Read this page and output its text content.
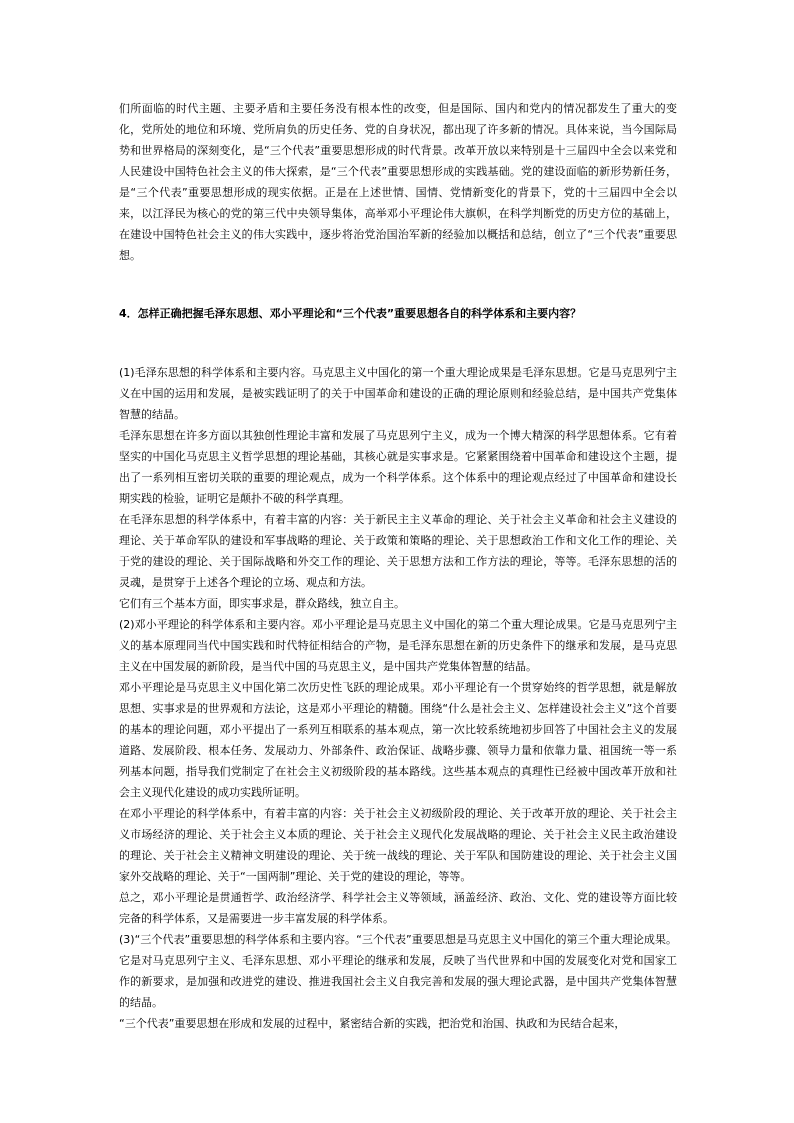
们所面临的时代主题、主要矛盾和主要任务没有根本性的改变，但是国际、国内和党内的情况都发生了重大的变化，党所处的地位和环境、党所肩负的历史任务、党的自身状况，都出现了许多新的情况。具体来说，当今国际局势和世界格局的深刻变化，是“三个代表”重要思想形成的时代背景。改革开放以来特别是十三届四中全会以来党和人民建设中国特色社会主义的伟大探索，是“三个代表”重要思想形成的实践基础。党的建设面临的新形势新任务，是“三个代表”重要思想形成的现实依据。正是在上述世情、国情、党情新变化的背景下，党的十三届四中全会以来，以江泽民为核心的党的第三代中央领导集体，高举邓小平理论伟大旗帜，在科学判断党的历史方位的基础上，在建设中国特色社会主义的伟大实践中，逐步将治党治国治军新的经验加以概括和总结，创立了“三个代表”重要思想。

4．怎样正确把握毛泽东思想、邓小平理论和“三个代表”重要思想各自的科学体系和主要内容？

(1)毛泽东思想的科学体系和主要内容。马克思主义中国化的第一个重大理论成果是毛泽东思想。它是马克思列宁主义在中国的运用和发展，是被实践证明了的关于中国革命和建设的正确的理论原则和经验总结，是中国共产党集体智慧的结晶。

毛泽东思想在许多方面以其独创性理论丰富和发展了马克思列宁主义，成为一个博大精深的科学思想体系。它有着坚实的中国化马克思主义哲学思想的理论基础，其核心就是实事求是。它紧紧围绕着中国革命和建设这个主题，提出了一系列相互密切关联的重要的理论观点，成为一个科学体系。这个体系中的理论观点经过了中国革命和建设长期实践的检验，证明它是颠扑不破的科学真理。

在毛泽东思想的科学体系中，有着丰富的内容：关于新民主主义革命的理论、关于社会主义革命和社会主义建设的理论、关于革命军队的建设和军事战略的理论、关于政策和策略的理论、关于思想政治工作和文化工作的理论、关于党的建设的理论、关于国际战略和外交工作的理论、关于思想方法和工作方法的理论，等等。毛泽东思想的活的灵魂，是贯穿于上述各个理论的立场、观点和方法。

它们有三个基本方面，即实事求是，群众路线，独立自主。

(2)邓小平理论的科学体系和主要内容。邓小平理论是马克思主义中国化的第二个重大理论成果。它是马克思列宁主义的基本原理同当代中国实践和时代特征相结合的产物，是毛泽东思想在新的历史条件下的继承和发展，是马克思主义在中国发展的新阶段，是当代中国的马克思主义，是中国共产党集体智慧的结晶。

邓小平理论是马克思主义中国化第二次历史性飞跃的理论成果。邓小平理论有一个贯穿始终的哲学思想，就是解放思想、实事求是的世界观和方法论，这是邓小平理论的精髓。围绕“什么是社会主义、怎样建设社会主义”这个首要的基本的理论问题，邓小平提出了一系列互相联系的基本观点，第一次比较系统地初步回答了中国社会主义的发展道路、发展阶段、根本任务、发展动力、外部条件、政治保证、战略步骤、领导力量和依靠力量、祖国统一等一系列基本问题，指导我们党制定了在社会主义初级阶段的基本路线。这些基本观点的真理性已经被中国改革开放和社会主义现代化建设的成功实践所证明。

在邓小平理论的科学体系中，有着丰富的内容：关于社会主义初级阶段的理论、关于改革开放的理论、关于社会主义市场经济的理论、关于社会主义本质的理论、关于社会主义现代化发展战略的理论、关于社会主义民主政治建设的理论、关于社会主义精神文明建设的理论、关于统一战线的理论、关于军队和国防建设的理论、关于社会主义国家外交战略的理论、关于“一国两制”理论、关于党的建设的理论，等等。

总之，邓小平理论是贯通哲学、政治经济学、科学社会主义等领域，涵盖经济、政治、文化、党的建设等方面比较完备的科学体系，又是需要进一步丰富发展的科学体系。

(3)“三个代表”重要思想的科学体系和主要内容。“三个代表”重要思想是马克思主义中国化的第三个重大理论成果。它是对马克思列宁主义、毛泽东思想、邓小平理论的继承和发展，反映了当代世界和中国的发展变化对党和国家工作的新要求，是加强和改进党的建设、推进我国社会主义自我完善和发展的强大理论武器，是中国共产党集体智慧的结晶。

“三个代表”重要思想在形成和发展的过程中，紧密结合新的实践，把治党和治国、执政和为民结合起来，
